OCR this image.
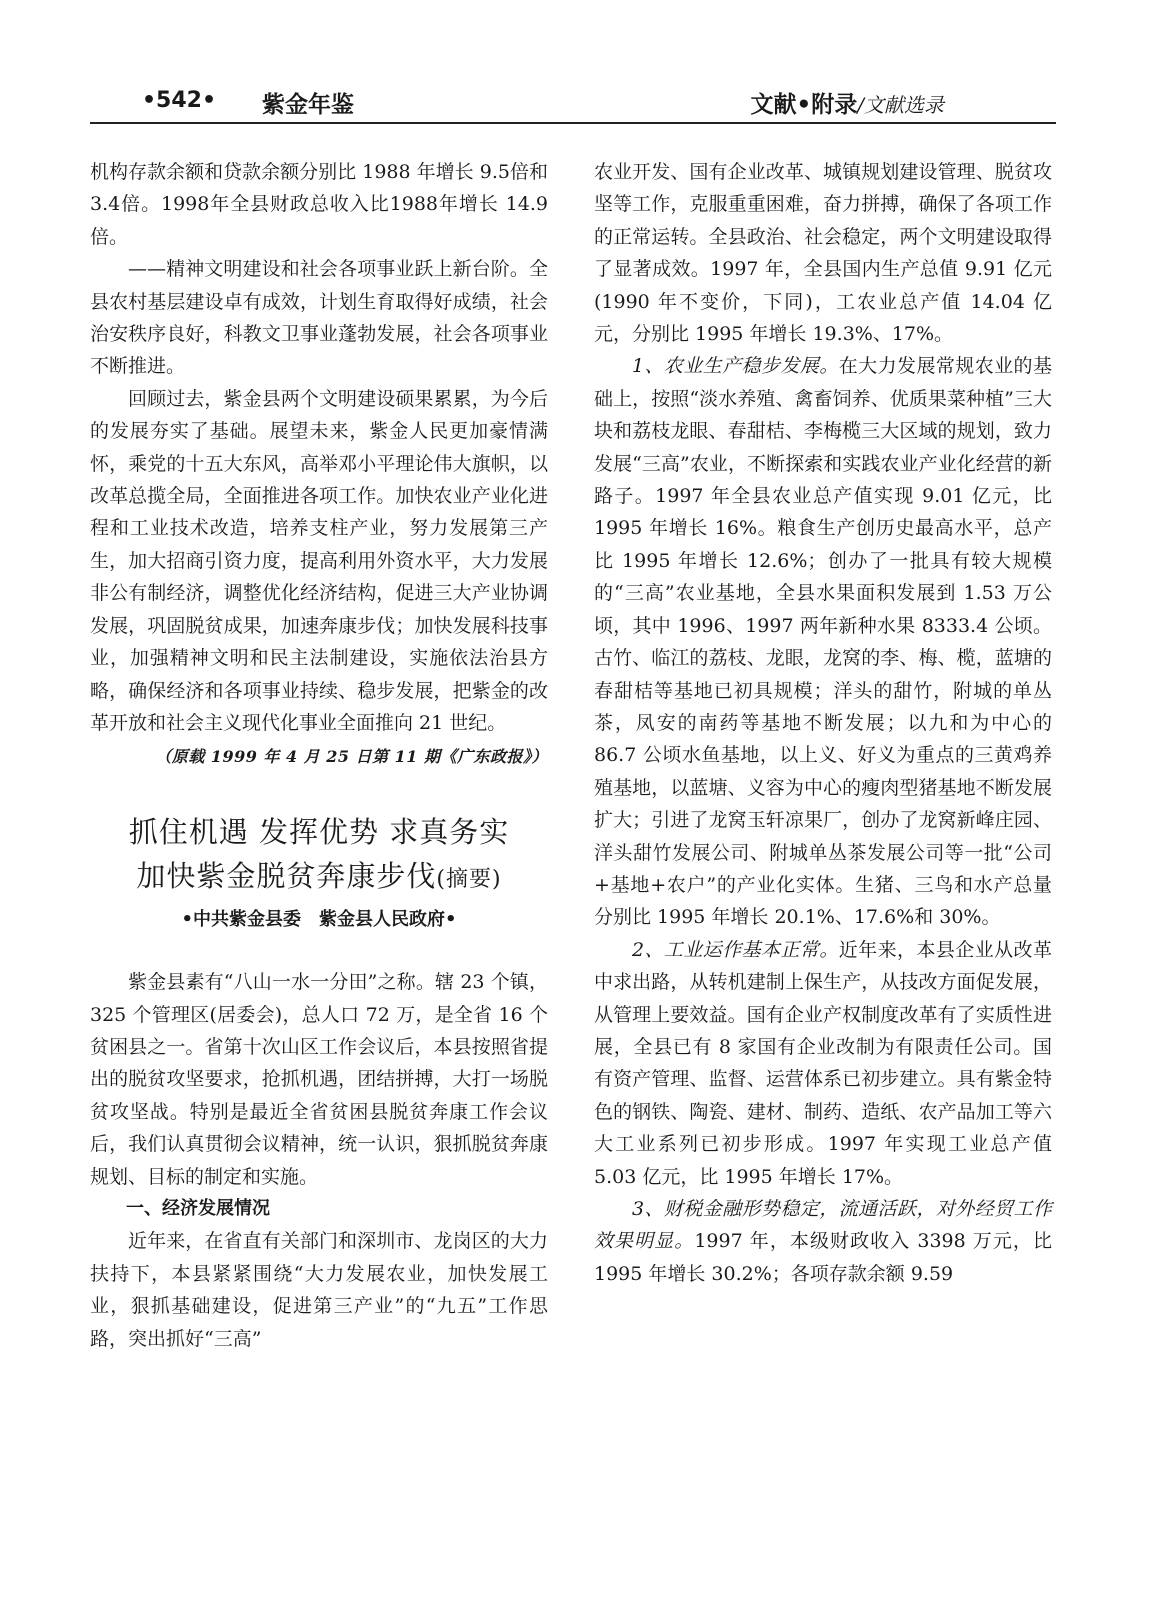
•542• 紫金年鉴	文献•附录/文献选录

机构存款余额和贷款余额分别比 1988 年增长 9.5倍和3.4倍。1998年全县财政总收入比1988年增长 14.9 倍。

——精神文明建设和社会各项事业跃上新台阶。全县农村基层建设卓有成效，计划生育取得好成绩，社会治安秩序良好，科教文卫事业蓬勃发展，社会各项事业不断推进。

回顾过去，紫金县两个文明建设硕果累累，为今后的发展夯实了基础。展望未来，紫金人民更加豪情满怀，乘党的十五大东风，高举邓小平理论伟大旗帜，以改革总揽全局，全面推进各项工作。加快农业产业化进程和工业技术改造，培养支柱产业，努力发展第三产生，加大招商引资力度，提高利用外资水平，大力发展非公有制经济，调整优化经济结构，促进三大产业协调发展，巩固脱贫成果，加速奔康步伐；加快发展科技事业，加强精神文明和民主法制建设，实施依法治县方略，确保经济和各项事业持续、稳步发展，把紫金的改革开放和社会主义现代化事业全面推向 21 世纪。

（原载 1999 年 4 月 25 日第 11 期《广东政报》）

抓住机遇 发挥优势 求真务实
加快紫金脱贫奔康步伐(摘要)

•中共紫金县委　紫金县人民政府•

紫金县素有“八山一水一分田”之称。辖 23 个镇，325 个管理区(居委会)，总人口 72 万，是全省 16 个贫困县之一。省第十次山区工作会议后，本县按照省提出的脱贫攻坚要求，抢抓机遇，团结拼搏，大打一场脱贫攻坚战。特别是最近全省贫困县脱贫奔康工作会议后，我们认真贯彻会议精神，统一认识，狠抓脱贫奔康规划、目标的制定和实施。

一、经济发展情况

近年来，在省直有关部门和深圳市、龙岗区的大力扶持下，本县紧紧围绕“大力发展农业，加快发展工业，狠抓基础建设，促进第三产业”的“九五”工作思路，突出抓好“三高”

农业开发、国有企业改革、城镇规划建设管理、脱贫攻坚等工作，克服重重困难，奋力拼搏，确保了各项工作的正常运转。全县政治、社会稳定，两个文明建设取得了显著成效。1997 年，全县国内生产总值 9.91 亿元(1990 年不变价，下同)，工农业总产值 14.04 亿元，分别比 1995 年增长 19.3%、17%。

1、农业生产稳步发展。在大力发展常规农业的基础上，按照“淡水养殖、禽畜饲养、优质果菜种植”三大块和荔枝龙眼、春甜桔、李梅榄三大区域的规划，致力发展“三高”农业，不断探索和实践农业产业化经营的新路子。1997 年全县农业总产值实现 9.01 亿元，比 1995 年增长 16%。粮食生产创历史最高水平，总产比 1995 年增长 12.6%；创办了一批具有较大规模的“三高”农业基地，全县水果面积发展到 1.53 万公顷，其中 1996、1997 两年新种水果 8333.4 公顷。古竹、临江的荔枝、龙眼，龙窝的李、梅、榄，蓝塘的春甜桔等基地已初具规模；洋头的甜竹，附城的单丛茶，凤安的南药等基地不断发展；以九和为中心的 86.7 公顷水鱼基地，以上义、好义为重点的三黄鸡养殖基地，以蓝塘、义容为中心的瘦肉型猪基地不断发展扩大；引进了龙窝玉轩凉果厂，创办了龙窝新峰庄园、洋头甜竹发展公司、附城单丛茶发展公司等一批“公司+基地+农户”的产业化实体。生猪、三鸟和水产总量分别比 1995 年增长 20.1%、17.6%和 30%。

2、工业运作基本正常。近年来，本县企业从改革中求出路，从转机建制上保生产，从技改方面促发展，从管理上要效益。国有企业产权制度改革有了实质性进展，全县已有 8 家国有企业改制为有限责任公司。国有资产管理、监督、运营体系已初步建立。具有紫金特色的钢铁、陶瓷、建材、制药、造纸、农产品加工等六大工业系列已初步形成。1997 年实现工业总产值 5.03 亿元，比 1995 年增长 17%。

3、财税金融形势稳定，流通活跃，对外经贸工作效果明显。1997 年，本级财政收入 3398 万元，比 1995 年增长 30.2%；各项存款余额 9.59
